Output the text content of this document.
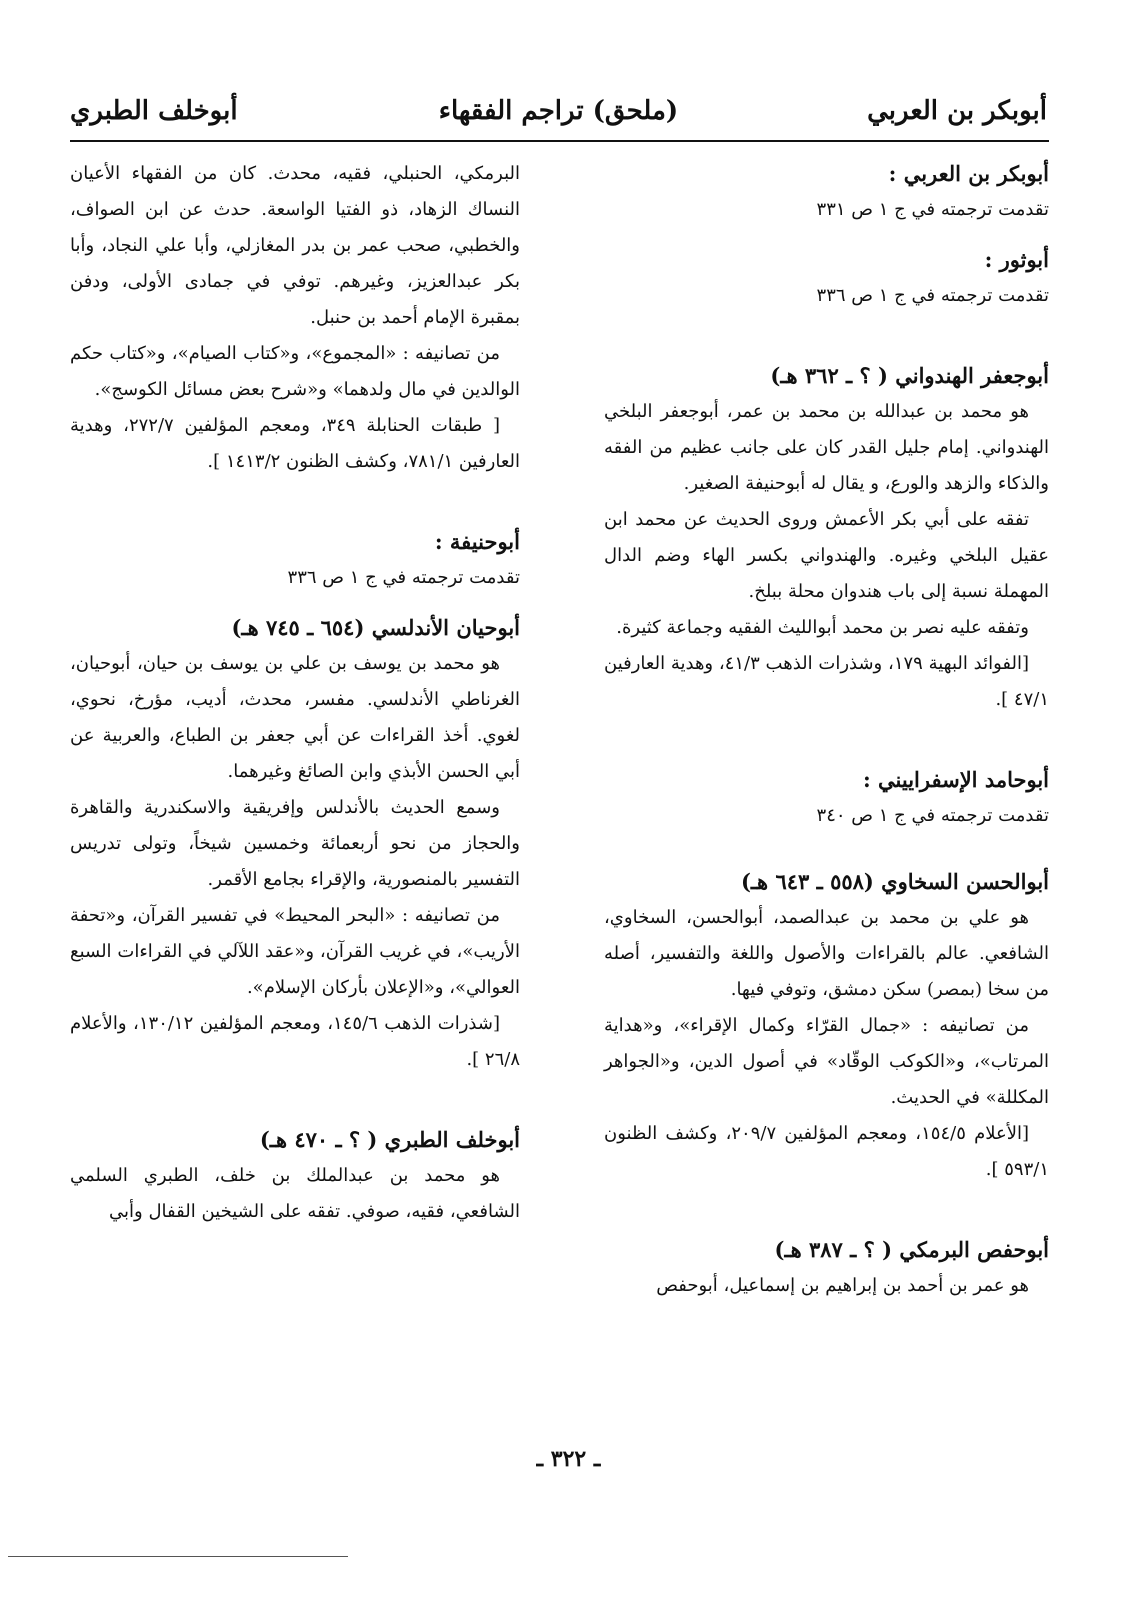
أبوبكر بن العربي
(ملحق) تراجم الفقهاء
أبوخلف الطبري
أبوبكر بن العربي :
تقدمت ترجمته في ج ١ ص ٣٣١
أبوثور :
تقدمت ترجمته في ج ١ ص ٣٣٦
أبوجعفر الهندواني ( ؟ ـ ٣٦٢ هـ)

هو محمد بن عبدالله بن محمد بن عمر، أبوجعفر البلخي الهندواني. إمام جليل القدر كان على جانب عظيم من الفقه والذكاء والزهد والورع، و يقال له أبوحنيفة الصغير.

تفقه على أبي بكر الأعمش وروى الحديث عن محمد ابن عقيل البلخي وغيره. والهندواني بكسر الهاء وضم الدال المهملة نسبة إلى باب هندوان محلة ببلخ.

وتفقه عليه نصر بن محمد أبوالليث الفقيه وجماعة كثيرة.

[الفوائد البهية ١٧٩، وشذرات الذهب ٤١/٣، وهدية العارفين ٤٧/١ ].

أبوحامد الإسفراييني :
تقدمت ترجمته في ج ١ ص ٣٤٠
أبوالحسن السخاوي (٥٥٨ ـ ٦٤٣ هـ)

هو علي بن محمد بن عبدالصمد، أبوالحسن، السخاوي، الشافعي. عالم بالقراءات والأصول واللغة والتفسير، أصله من سخا (بمصر) سكن دمشق، وتوفي فيها.

من تصانيفه : «جمال القرّاء وكمال الإقراء»، و«هداية المرتاب»، و«الكوكب الوقّاد» في أصول الدين، و«الجواهر المكللة» في الحديث.

[الأعلام ١٥٤/٥، ومعجم المؤلفين ٢٠٩/٧، وكشف الظنون ٥٩٣/١ ].

أبوحفص البرمكي ( ؟ ـ ٣٨٧ هـ)

هو عمر بن أحمد بن إبراهيم بن إسماعيل، أبوحفص

البرمكي، الحنبلي، فقيه، محدث. كان من الفقهاء الأعيان النساك الزهاد، ذو الفتيا الواسعة. حدث عن ابن الصواف، والخطبي، صحب عمر بن بدر المغازلي، وأبا علي النجاد، وأبا بكر عبدالعزيز، وغيرهم. توفي في جمادى الأولى، ودفن بمقبرة الإمام أحمد بن حنبل.

من تصانيفه : «المجموع»، و«كتاب الصيام»، و«كتاب حكم الوالدين في مال ولدهما» و«شرح بعض مسائل الكوسج».

[ طبقات الحنابلة ٣٤٩، ومعجم المؤلفين ٢٧٢/٧، وهدية العارفين ٧٨١/١، وكشف الظنون ١٤١٣/٢ ].

أبوحنيفة :
تقدمت ترجمته في ج ١ ص ٣٣٦
أبوحيان الأندلسي (٦٥٤ ـ ٧٤٥ هـ)

هو محمد بن يوسف بن علي بن يوسف بن حيان، أبوحيان، الغرناطي الأندلسي. مفسر، محدث، أديب، مؤرخ، نحوي، لغوي. أخذ القراءات عن أبي جعفر بن الطباع، والعربية عن أبي الحسن الأبذي وابن الصائغ وغيرهما.

وسمع الحديث بالأندلس وإفريقية والاسكندرية والقاهرة والحجاز من نحو أربعمائة وخمسين شيخاً، وتولى تدريس التفسير بالمنصورية، والإقراء بجامع الأقمر.

من تصانيفه : «البحر المحيط» في تفسير القرآن، و«تحفة الأريب»، في غريب القرآن، و«عقد اللآلي في القراءات السبع العوالي»، و«الإعلان بأركان الإسلام».

[شذرات الذهب ١٤٥/٦، ومعجم المؤلفين ١٣٠/١٢، والأعلام ٢٦/٨ ].

أبوخلف الطبري ( ؟ ـ ٤٧٠ هـ)

هو محمد بن عبدالملك بن خلف، الطبري السلمي الشافعي، فقيه، صوفي. تفقه على الشيخين القفال وأبي

ـ ٣٢٢ ـ
